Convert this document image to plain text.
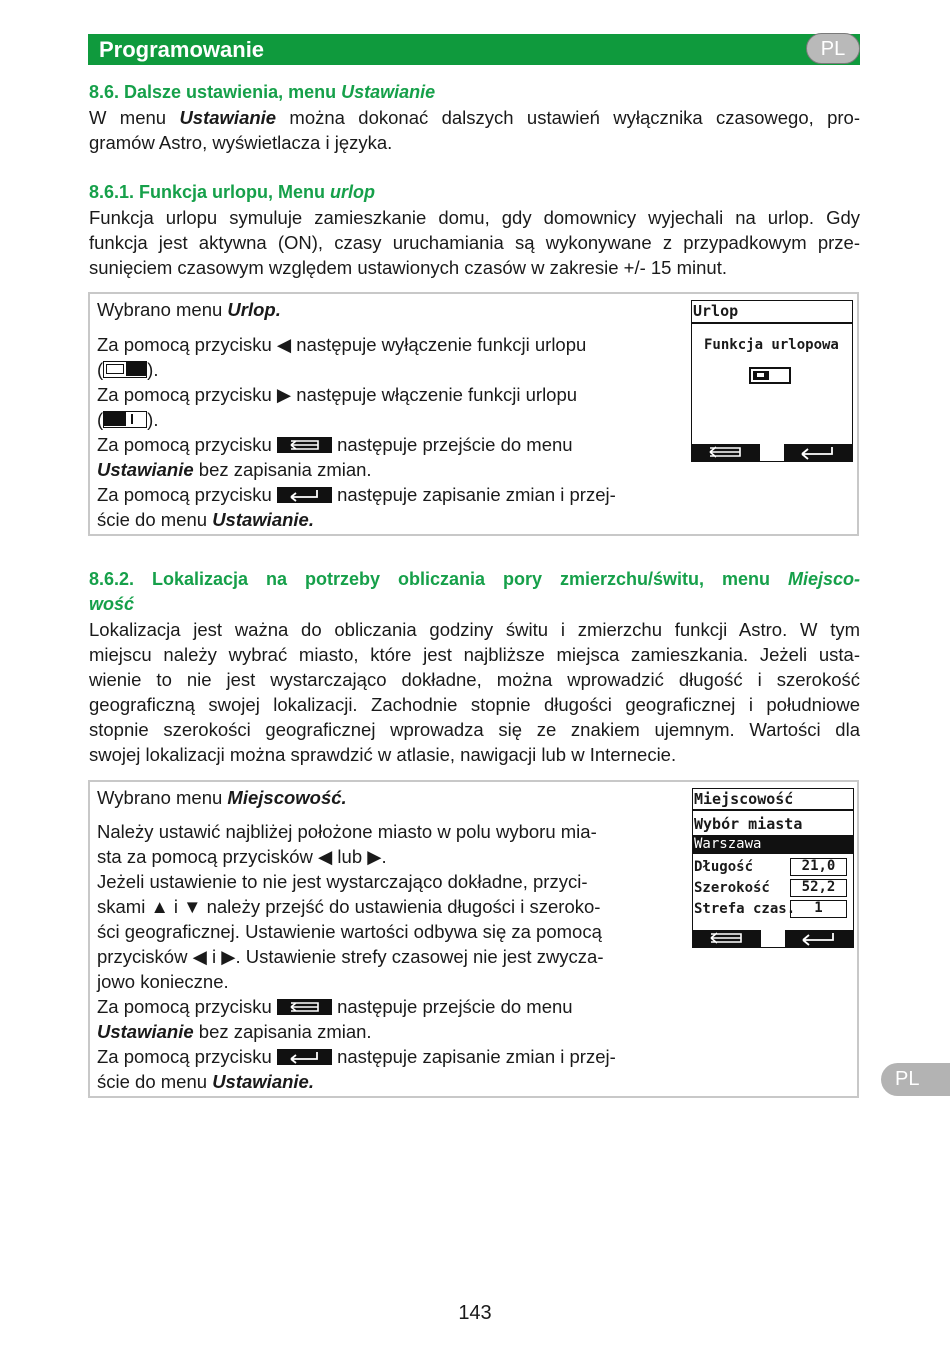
Programowanie	PL
8.6. Dalsze ustawienia, menu Ustawianie
W menu Ustawianie można dokonać dalszych ustawień wyłącznika czasowego, pro-
gramów Astro, wyświetlacza i języka.
8.6.1. Funkcja urlopu, Menu urlop
Funkcja urlopu symuluje zamieszkanie domu, gdy domownicy wyjechali na urlop. Gdy
funkcja jest aktywna (ON), czasy uruchamiania są wykonywane z przypadkowym prze-
sunięciem czasowym względem ustawionych czasów w zakresie +/- 15 minut.
Wybrano menu Urlop.
Za pomocą przycisku ◀ następuje wyłączenie funkcji urlopu
( ).
Za pomocą przycisku ▶ następuje włączenie funkcji urlopu
( ).
Za pomocą przycisku	następuje przejście do menu
Ustawianie bez zapisania zmian.
Za pomocą przycisku	następuje zapisanie zmian i przej-
ście do menu Ustawianie.
Urlop
Funkcja urlopowa
8.6.2. Lokalizacja na potrzeby obliczania pory zmierzchu/świtu, menu Miejsco-
wość
Lokalizacja jest ważna do obliczania godziny świtu i zmierzchu funkcji Astro. W tym
miejscu należy wybrać miasto, które jest najbliższe miejsca zamieszkania. Jeżeli usta-
wienie to nie jest wystarczająco dokładne, można wprowadzić długość i szerokość
geograficzną swojej lokalizacji. Zachodnie stopnie długości geograficznej i południowe
stopnie szerokości geograficznej wprowadza się ze znakiem ujemnym. Wartości dla
swojej lokalizacji można sprawdzić w atlasie, nawigacji lub w Internecie.
Wybrano menu Miejscowość.
Należy ustawić najbliżej położone miasto w polu wyboru mia-
sta za pomocą przycisków ◀ lub ▶.
Jeżeli ustawienie to nie jest wystarczająco dokładne, przyci-
skami ▲ i ▼ należy przejść do ustawienia długości i szeroko-
ści geograficznej. Ustawienie wartości odbywa się za pomocą
przycisków ◀ i ▶. Ustawienie strefy czasowej nie jest zwycza-
jowo konieczne.
Za pomocą przycisku	następuje przejście do menu
Ustawianie bez zapisania zmian.
Za pomocą przycisku	następuje zapisanie zmian i przej-
ście do menu Ustawianie.
Miejscowość
Wybór miasta
Warszawa
Długość	21,0
Szerokość	52,2
Strefa czas.	1
PL
143
